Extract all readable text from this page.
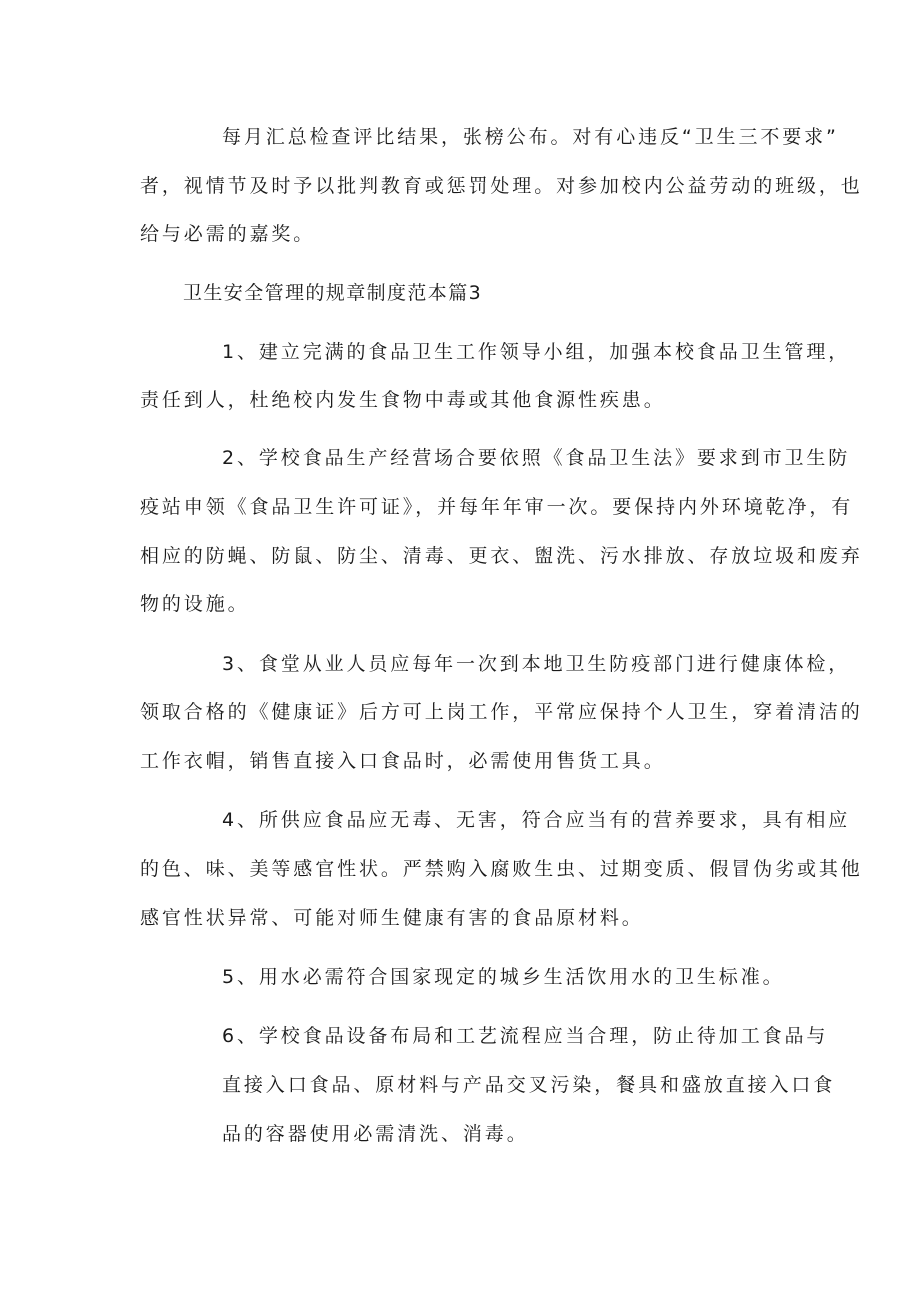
每月汇总检查评比结果，张榜公布。对有心违反“卫生三不要求”
者，视情节及时予以批判教育或惩罚处理。对参加校内公益劳动的班级，也
给与必需的嘉奖。
卫生安全管理的规章制度范本篇3
1、建立完满的食品卫生工作领导小组，加强本校食品卫生管理，
责任到人，杜绝校内发生食物中毒或其他食源性疾患。
2、学校食品生产经营场合要依照《食品卫生法》要求到市卫生防
疫站申领《食品卫生许可证》，并每年年审一次。要保持内外环境乾净，有
相应的防蝇、防鼠、防尘、清毒、更衣、盥洗、污水排放、存放垃圾和废弃
物的设施。
3、食堂从业人员应每年一次到本地卫生防疫部门进行健康体检，
领取合格的《健康证》后方可上岗工作，平常应保持个人卫生，穿着清洁的
工作衣帽，销售直接入口食品时，必需使用售货工具。
4、所供应食品应无毒、无害，符合应当有的营养要求，具有相应
的色、味、美等感官性状。严禁购入腐败生虫、过期变质、假冒伪劣或其他
感官性状异常、可能对师生健康有害的食品原材料。
5、用水必需符合国家现定的城乡生活饮用水的卫生标准。
6、学校食品设备布局和工艺流程应当合理，防止待加工食品与
直接入口食品、原材料与产品交叉污染，餐具和盛放直接入口食
品的容器使用必需清洗、消毒。
